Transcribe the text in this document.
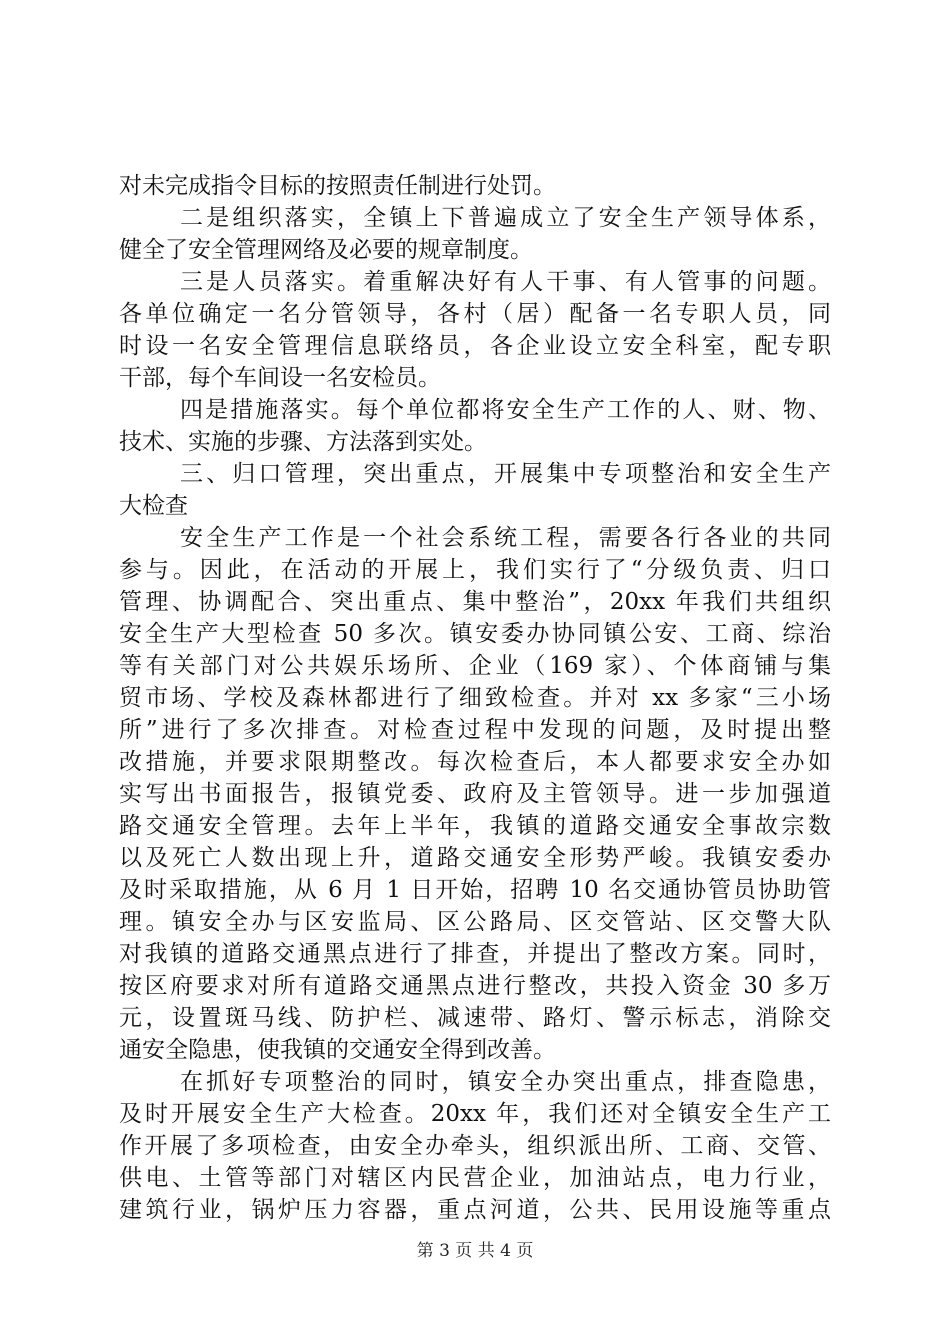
对未完成指令目标的按照责任制进行处罚。
二是组织落实，全镇上下普遍成立了安全生产领导体系，
健全了安全管理网络及必要的规章制度。
三是人员落实。着重解决好有人干事、有人管事的问题。
各单位确定一名分管领导，各村（居）配备一名专职人员，同
时设一名安全管理信息联络员，各企业设立安全科室，配专职
干部，每个车间设一名安检员。
四是措施落实。每个单位都将安全生产工作的人、财、物、
技术、实施的步骤、方法落到实处。
三、归口管理，突出重点，开展集中专项整治和安全生产
大检查
安全生产工作是一个社会系统工程，需要各行各业的共同
参与。因此，在活动的开展上，我们实行了“分级负责、归口
管理、协调配合、突出重点、集中整治”，20xx 年我们共组织
安全生产大型检查 50 多次。镇安委办协同镇公安、工商、综治
等有关部门对公共娱乐场所、企业（169 家）、个体商铺与集
贸市场、学校及森林都进行了细致检查。并对 xx 多家“三小场
所”进行了多次排查。对检查过程中发现的问题，及时提出整
改措施，并要求限期整改。每次检查后，本人都要求安全办如
实写出书面报告，报镇党委、政府及主管领导。进一步加强道
路交通安全管理。去年上半年，我镇的道路交通安全事故宗数
以及死亡人数出现上升，道路交通安全形势严峻。我镇安委办
及时采取措施，从 6 月 1 日开始，招聘 10 名交通协管员协助管
理。镇安全办与区安监局、区公路局、区交管站、区交警大队
对我镇的道路交通黑点进行了排查，并提出了整改方案。同时，
按区府要求对所有道路交通黑点进行整改，共投入资金 30 多万
元，设置斑马线、防护栏、减速带、路灯、警示标志，消除交
通安全隐患，使我镇的交通安全得到改善。
在抓好专项整治的同时，镇安全办突出重点，排查隐患，
及时开展安全生产大检查。20xx 年，我们还对全镇安全生产工
作开展了多项检查，由安全办牵头，组织派出所、工商、交管、
供电、土管等部门对辖区内民营企业，加油站点，电力行业，
建筑行业，锅炉压力容器，重点河道，公共、民用设施等重点
第 3 页 共 4 页
